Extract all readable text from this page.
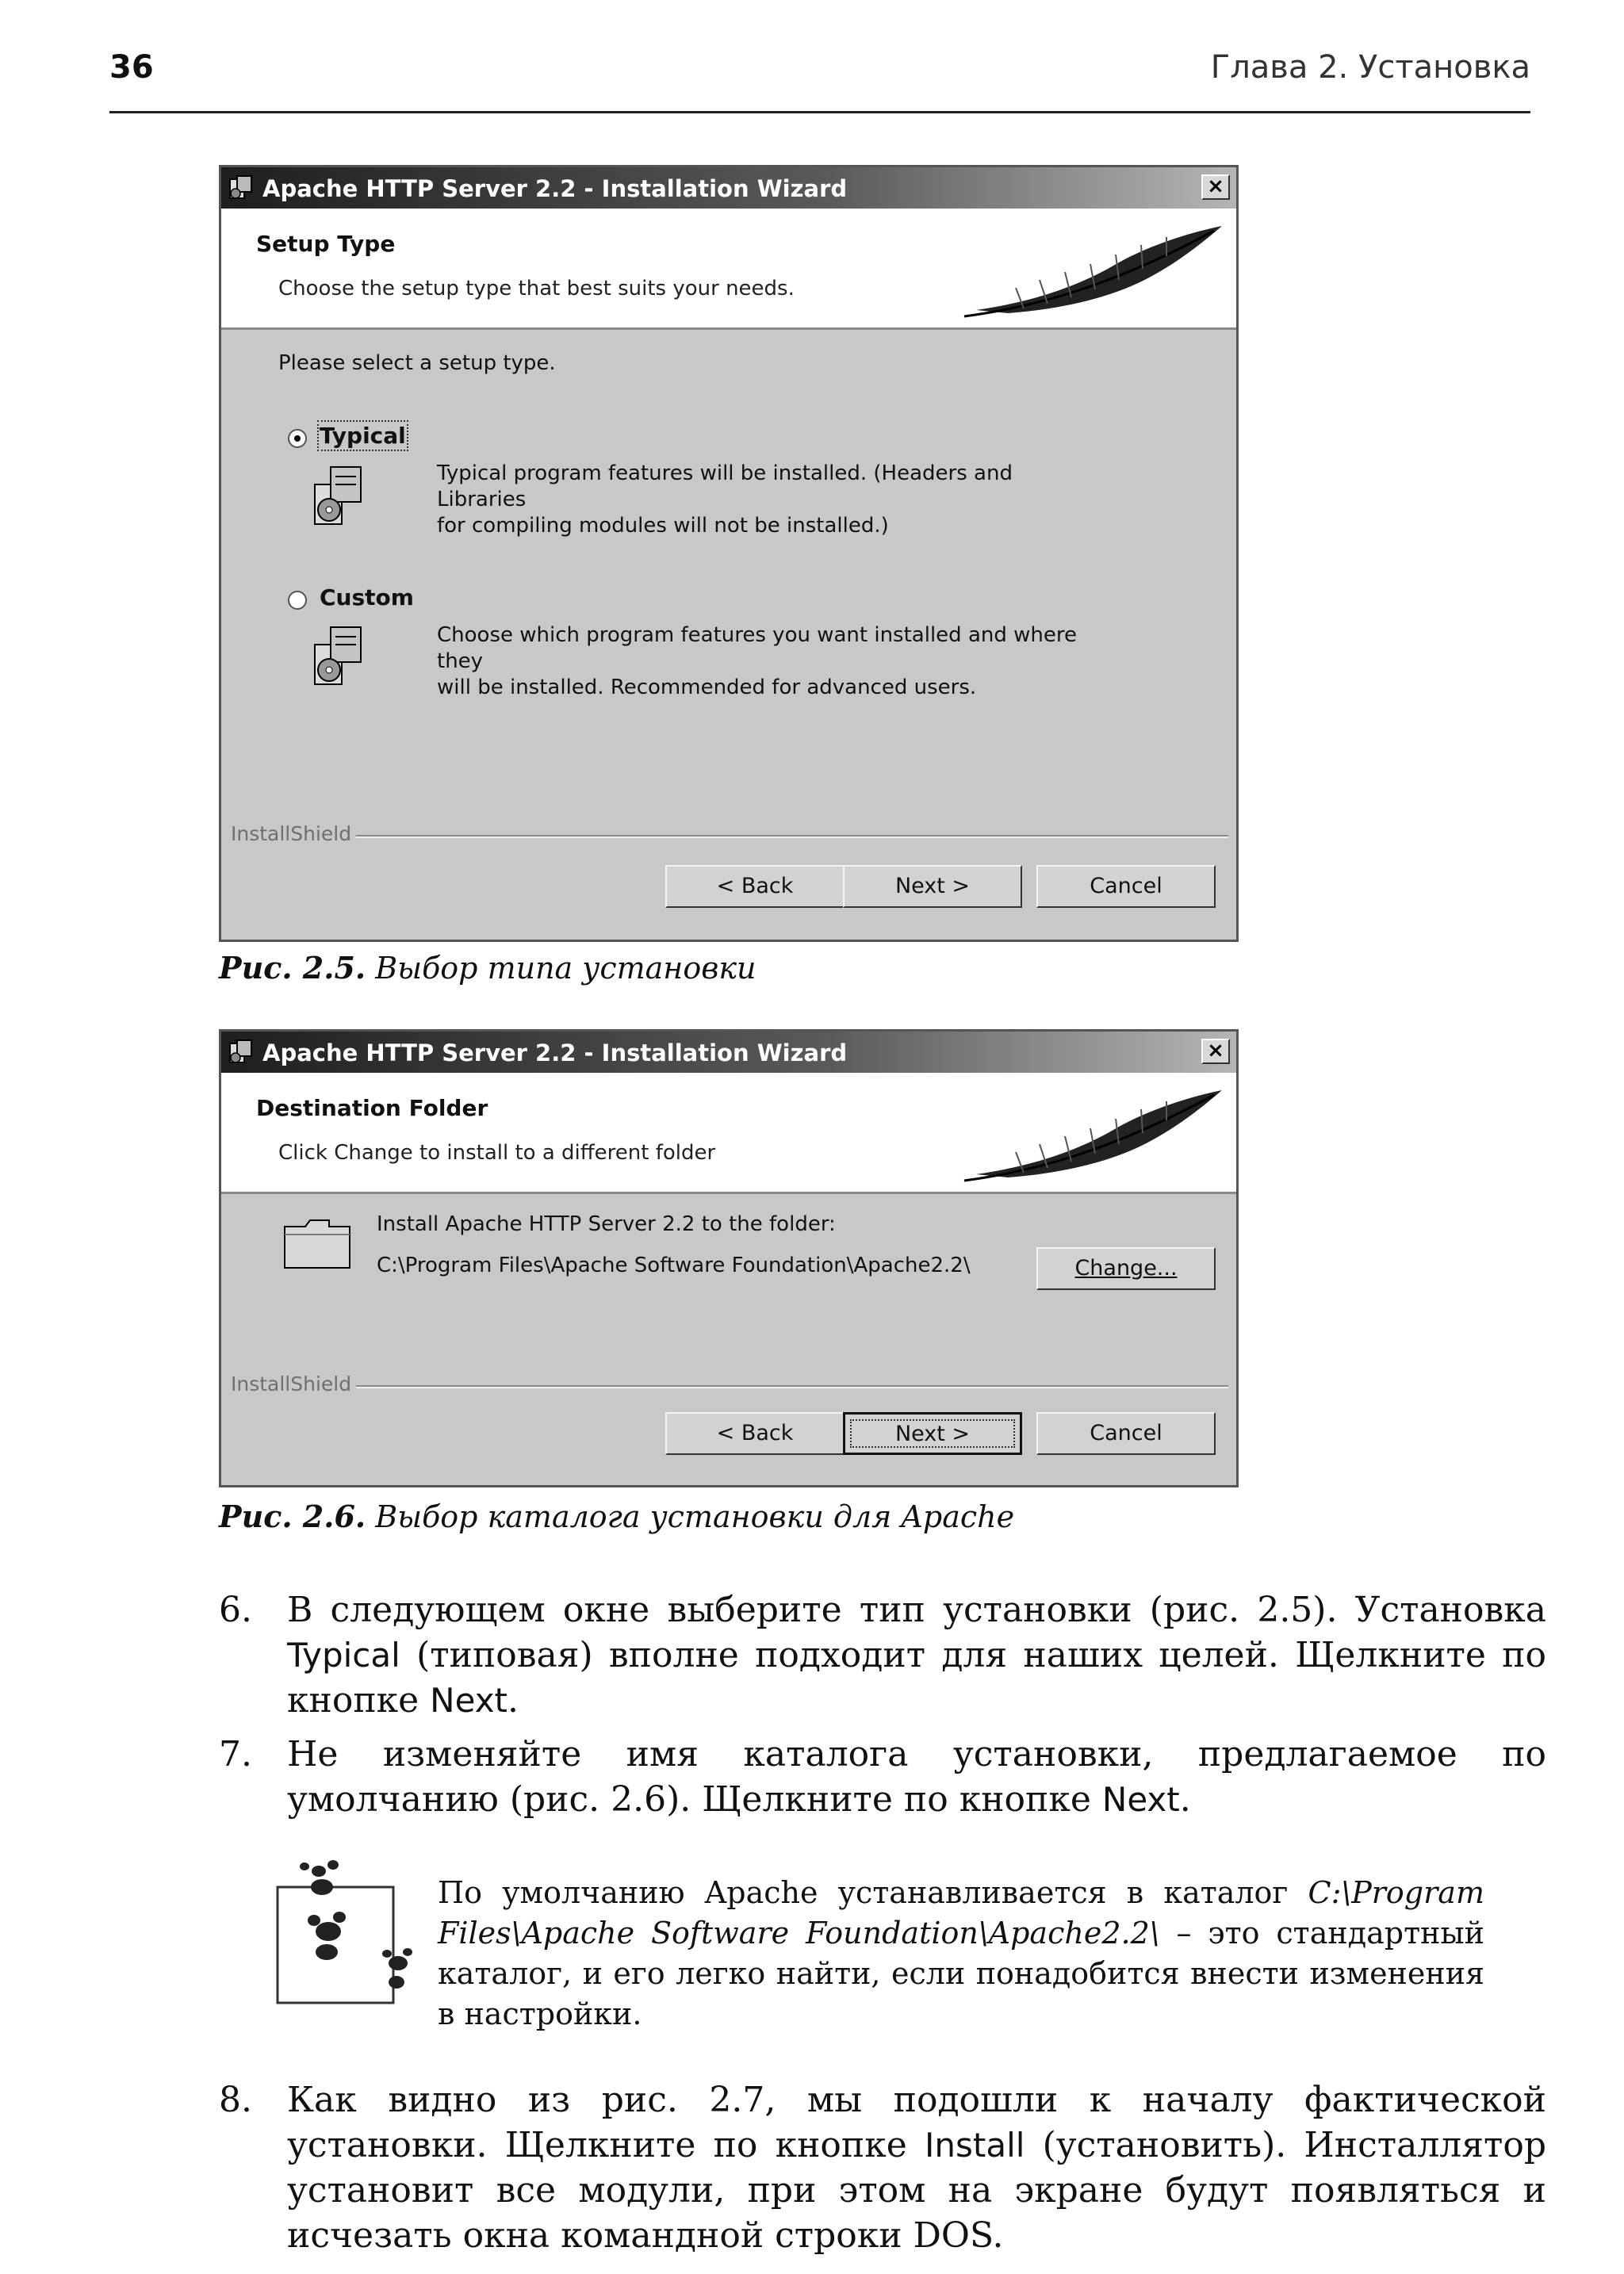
36	Глава 2. Установка
Apache HTTP Server 2.2 - Installation Wizard	×
Setup Type
Choose the setup type that best suits your needs.
Please select a setup type.
Typical
Typical program features will be installed. (Headers and Libraries
for compiling modules will not be installed.)
Custom
Choose which program features you want installed and where they
will be installed. Recommended for advanced users.
InstallShield
< Back	Next >	Cancel
Рис. 2.5. Выбор типа установки
Apache HTTP Server 2.2 - Installation Wizard	×
Destination Folder
Click Change to install to a different folder
Install Apache HTTP Server 2.2 to the folder:
C:\Program Files\Apache Software Foundation\Apache2.2\	Change...
InstallShield
< Back	Next >	Cancel
Рис. 2.6. Выбор каталога установки для Apache
6. В следующем окне выберите тип установки (рис. 2.5). Установка Typical (типовая) вполне подходит для наших целей. Щелкните по кнопке Next.
7. Не изменяйте имя каталога установки, предлагаемое по умолчанию (рис. 2.6). Щелкните по кнопке Next.
По умолчанию Apache устанавливается в каталог C:\Program Files\Apache Software Foundation\Apache2.2\ – это стандартный каталог, и его легко найти, если понадобится внести изменения в настройки.
8. Как видно из рис. 2.7, мы подошли к началу фактической установки. Щелкните по кнопке Install (установить). Инсталлятор установит все модули, при этом на экране будут появляться и исчезать окна командной строки DOS.
